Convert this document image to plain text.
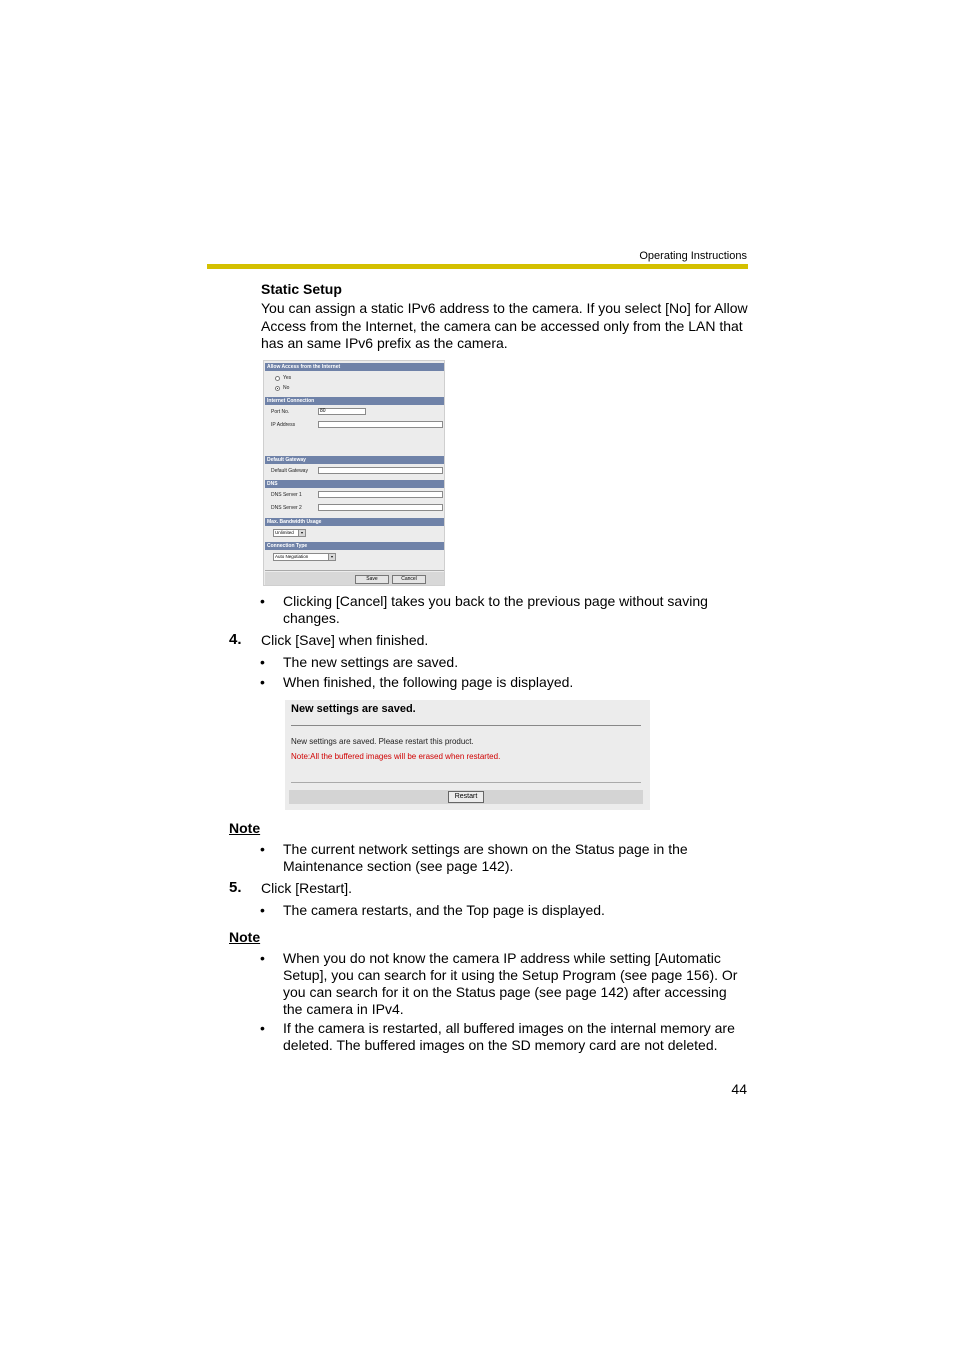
Operating Instructions
Static Setup
You can assign a static IPv6 address to the camera. If you select [No] for Allow
Access from the Internet, the camera can be accessed only from the LAN that
has an same IPv6 prefix as the camera.
Allow Access from the Internet
Yes
No
Internet Connection
Port No.	80
IP Address
Default Gateway
Default Gateway
DNS
DNS Server 1
DNS Server 2
Max. Bandwidth Usage
Unlimited	▾
Connection Type
Auto Negotiation	▾
Save	Cancel
• Clicking [Cancel] takes you back to the previous page without saving
changes.
4. Click [Save] when finished.
• The new settings are saved.
• When finished, the following page is displayed.
New settings are saved.
New settings are saved. Please restart this product.
Note:All the buffered images will be erased when restarted.
Restart
Note
• The current network settings are shown on the Status page in the
Maintenance section (see page 142).
5. Click [Restart].
• The camera restarts, and the Top page is displayed.
Note
• When you do not know the camera IP address while setting [Automatic
Setup], you can search for it using the Setup Program (see page 156). Or
you can search for it on the Status page (see page 142) after accessing
the camera in IPv4.
• If the camera is restarted, all buffered images on the internal memory are
deleted. The buffered images on the SD memory card are not deleted.
44
